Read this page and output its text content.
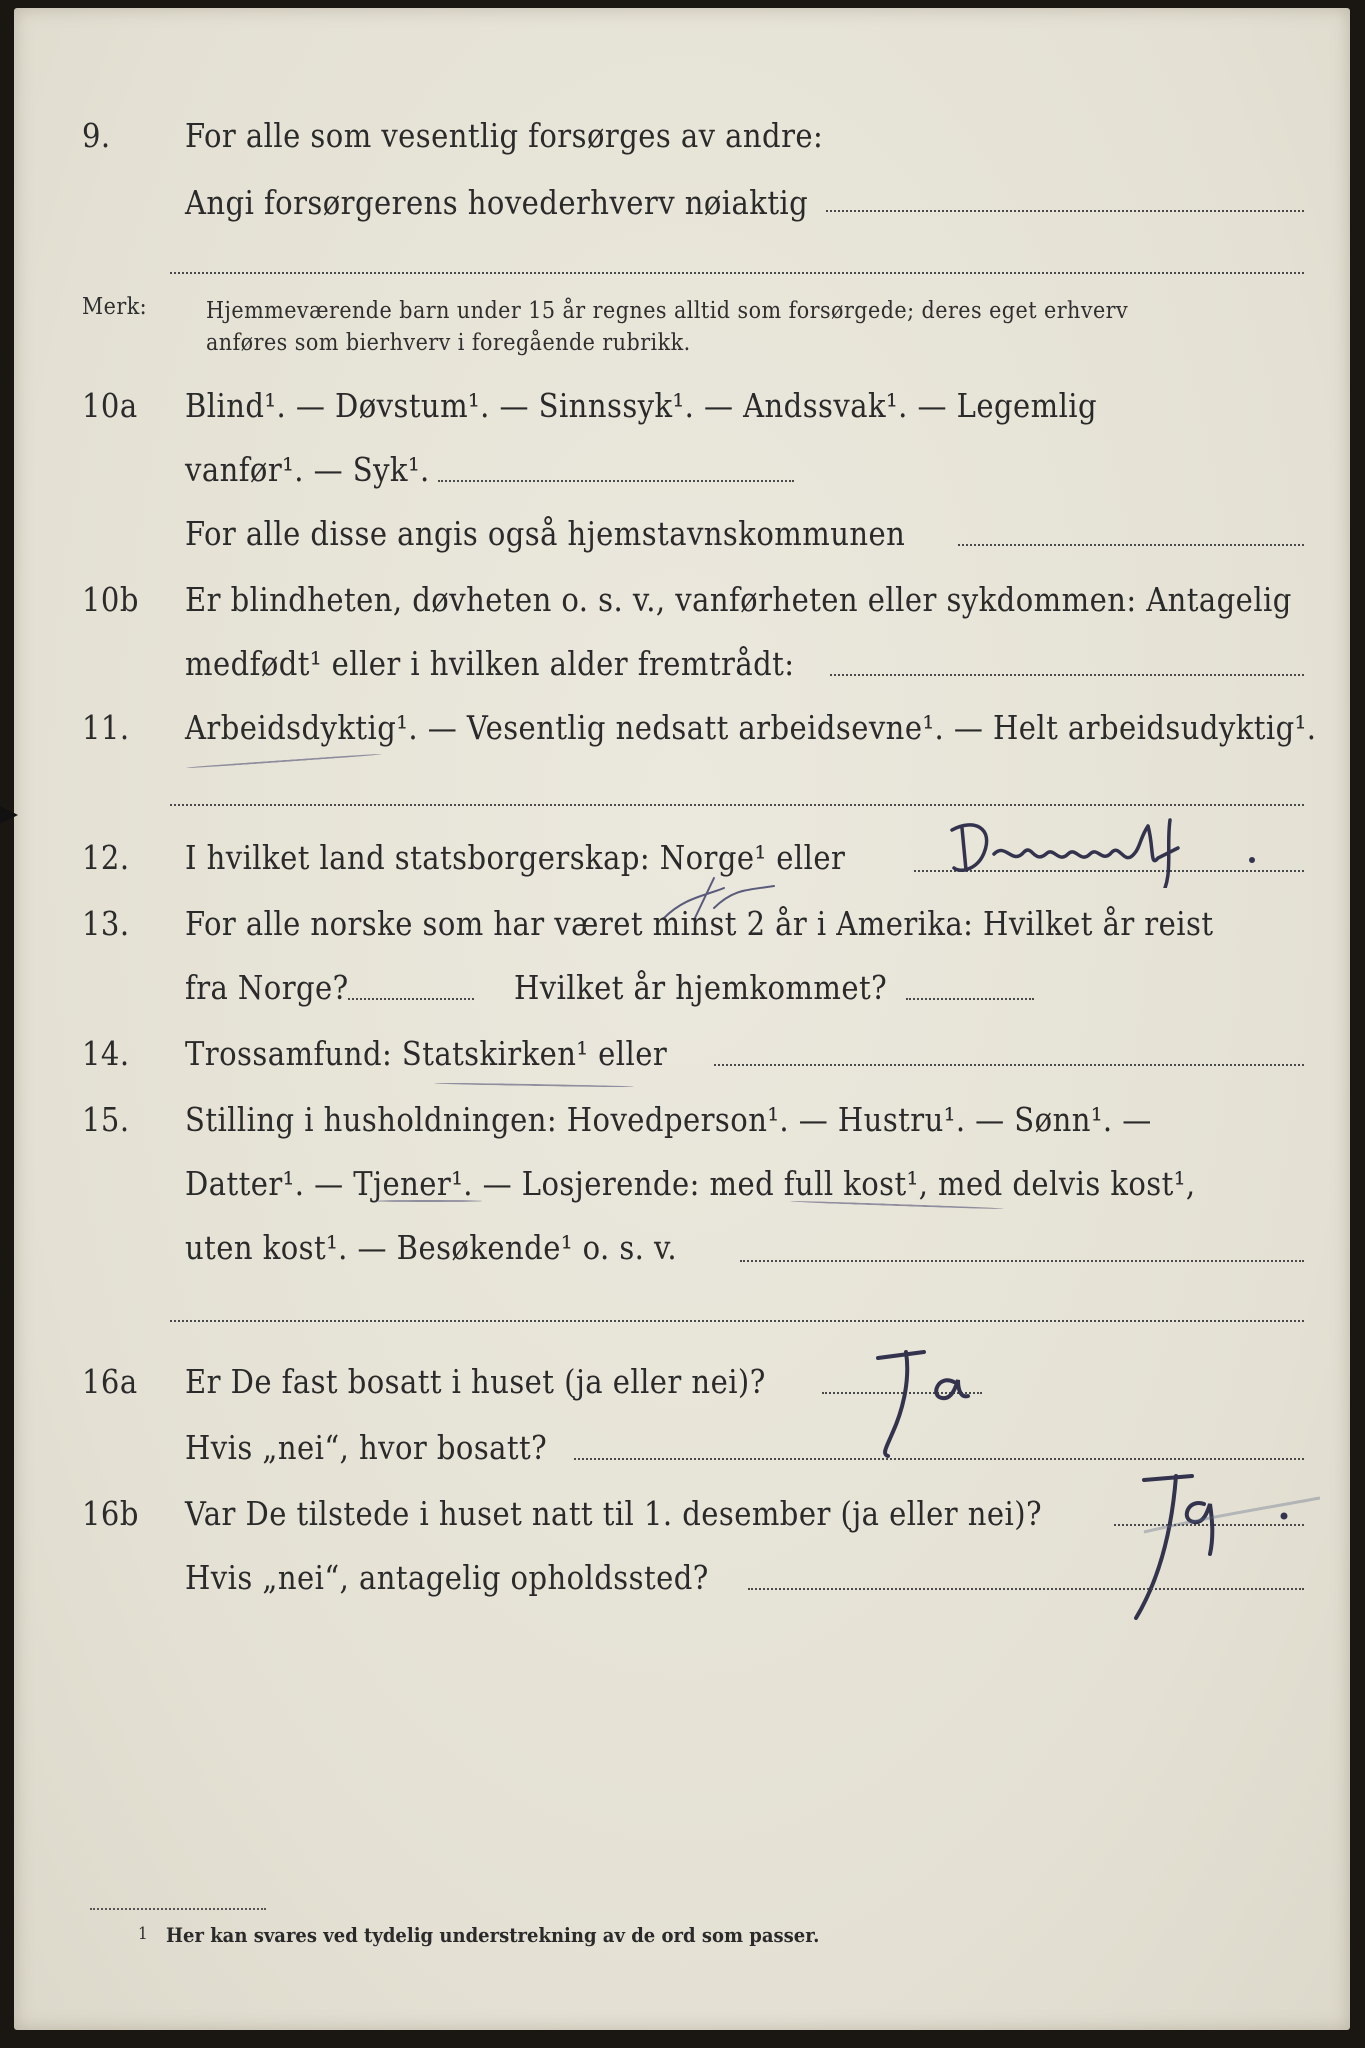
9.	For alle som vesentlig forsørges av andre:
Angi forsørgerens hovederhverv nøiaktig
Merk:	Hjemmeværende barn under 15 år regnes alltid som forsørgede; deres eget erhverv
anføres som bierhverv i foregående rubrikk.
10a	Blind¹. — Døvstum¹. — Sinnssyk¹. — Andssvak¹. — Legemlig
vanfør¹. — Syk¹.
For alle disse angis også hjemstavnskommunen
10b	Er blindheten, døvheten o. s. v., vanførheten eller sykdommen: Antagelig
medfødt¹ eller i hvilken alder fremtrådt:
11.	Arbeidsdyktig¹. — Vesentlig nedsatt arbeidsevne¹. — Helt arbeidsudyktig¹.
12.	I hvilket land statsborgerskap: Norge¹ eller
13.	For alle norske som har været minst 2 år i Amerika: Hvilket år reist
fra Norge?	Hvilket år hjemkommet?
14.	Trossamfund: Statskirken¹ eller
15.	Stilling i husholdningen: Hovedperson¹. — Hustru¹. — Sønn¹. —
Datter¹. — Tjener¹. — Losjerende: med full kost¹, med delvis kost¹,
uten kost¹. — Besøkende¹ o. s. v.
16a	Er De fast bosatt i huset (ja eller nei)?
Hvis „nei“, hvor bosatt?
16b	Var De tilstede i huset natt til 1. desember (ja eller nei)?
Hvis „nei“, antagelig opholdssted?
1 Her kan svares ved tydelig understrekning av de ord som passer.
